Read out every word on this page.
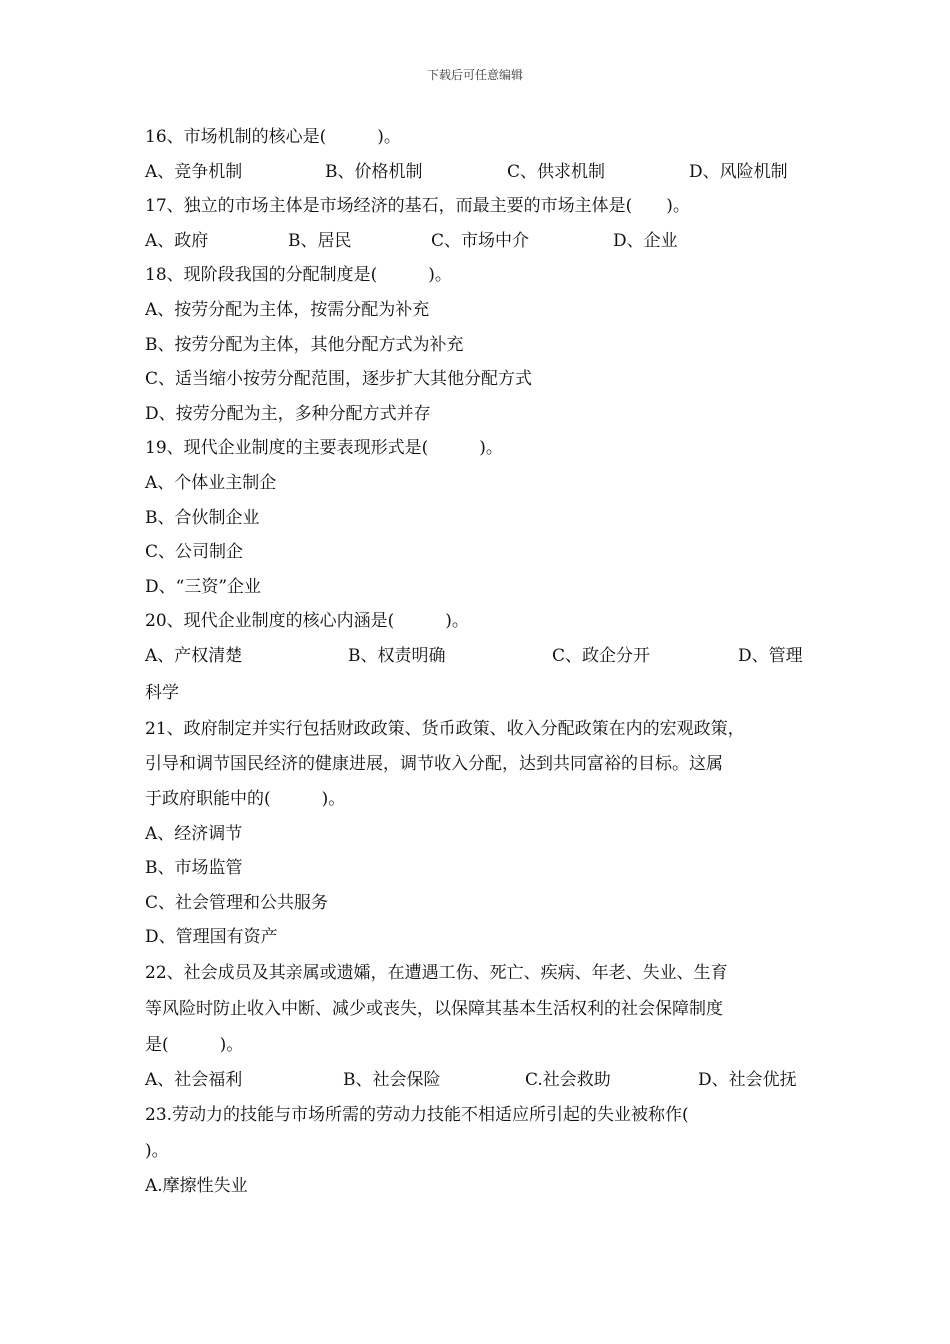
下载后可任意编辑
16、市场机制的核心是(　　　)。
A、竞争机制	B、价格机制	C、供求机制	D、风险机制
17、独立的市场主体是市场经济的基石，而最主要的市场主体是(　　)。
A、政府	B、居民	C、市场中介	D、企业
18、现阶段我国的分配制度是(　　　)。
A、按劳分配为主体，按需分配为补充
B、按劳分配为主体，其他分配方式为补充
C、适当缩小按劳分配范围，逐步扩大其他分配方式
D、按劳分配为主，多种分配方式并存
19、现代企业制度的主要表现形式是(　　　)。
A、个体业主制企
B、合伙制企业
C、公司制企
D、“三资”企业
20、现代企业制度的核心内涵是(　　　)。
A、产权清楚	B、权责明确	C、政企分开	D、管理
科学
21、政府制定并实行包括财政政策、货币政策、收入分配政策在内的宏观政策，
引导和调节国民经济的健康进展，调节收入分配，达到共同富裕的目标。这属
于政府职能中的(　　　)。
A、经济调节
B、市场监管
C、社会管理和公共服务
D、管理国有资产
22、社会成员及其亲属或遗孀，在遭遇工伤、死亡、疾病、年老、失业、生育
等风险时防止收入中断、减少或丧失，以保障其基本生活权利的社会保障制度
是(　　　)。
A、社会福利	B、社会保险	C.社会救助	D、社会优抚
23.劳动力的技能与市场所需的劳动力技能不相适应所引起的失业被称作(
)。
A.摩擦性失业
